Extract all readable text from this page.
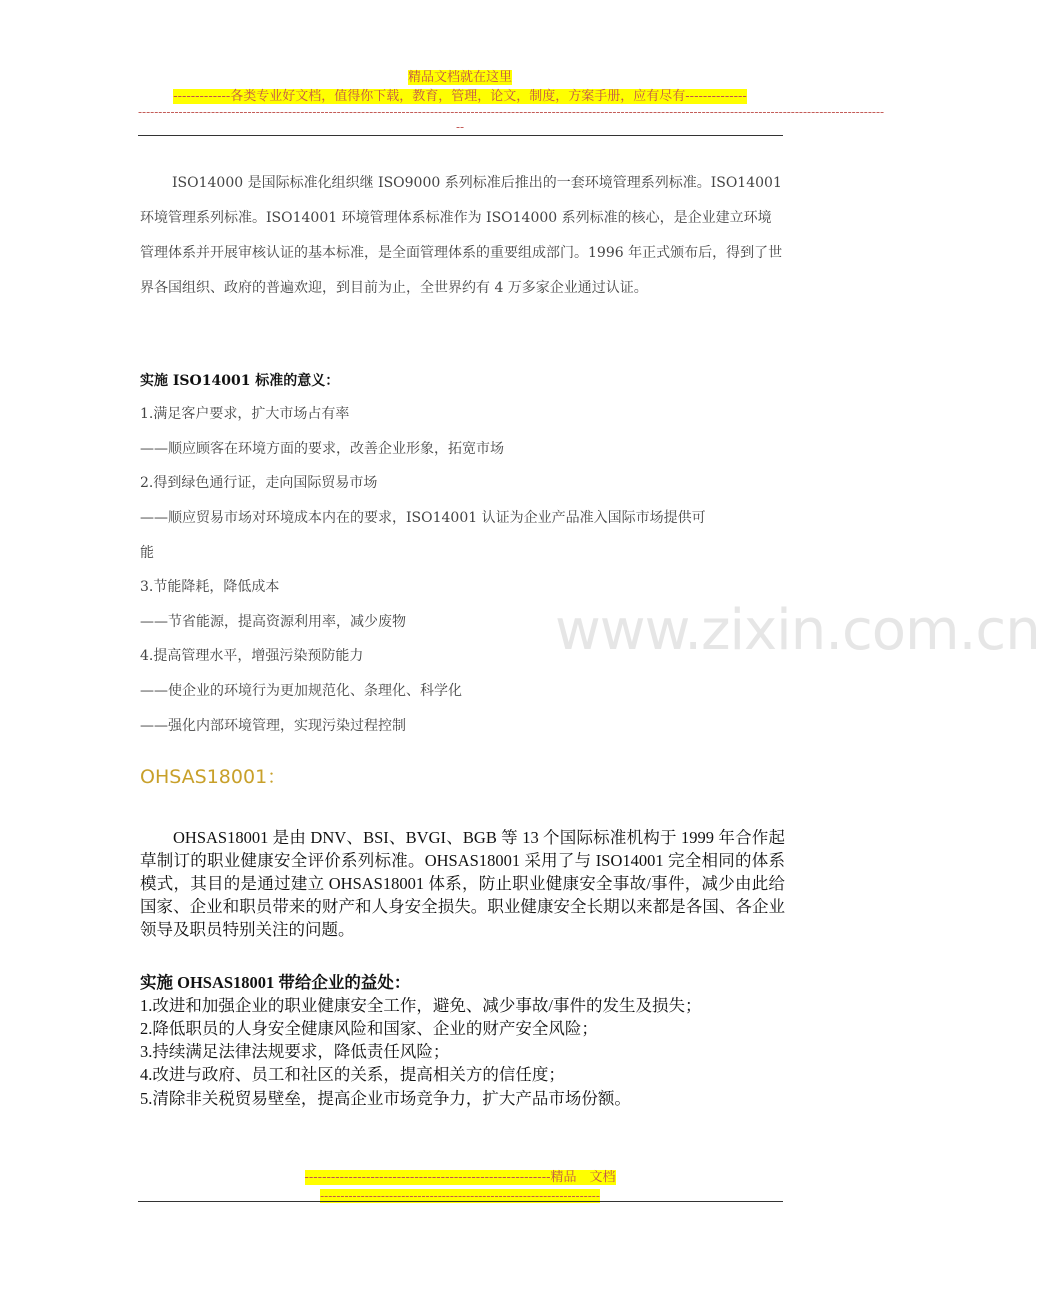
精品文档就在这里
-------------各类专业好文档，值得你下载，教育，管理，论文，制度，方案手册，应有尽有--------------
----------------------------------------------------------------------------------------------------------------------------------------------------------------------------------------
--
www.zixin.com.cn
ISO14000 是国际标准化组织继 ISO9000 系列标准后推出的一套环境管理系列标准。ISO14001 环境管理系列标准。ISO14001 环境管理体系标准作为 ISO14000 系列标准的核心，是企业建立环境管理体系并开展审核认证的基本标准，是全面管理体系的重要组成部门。1996 年正式颁布后，得到了世界各国组织、政府的普遍欢迎，到目前为止，全世界约有 4 万多家企业通过认证。
实施 ISO14001 标准的意义：
1.满足客户要求，扩大市场占有率
——顺应顾客在环境方面的要求，改善企业形象，拓宽市场
2.得到绿色通行证，走向国际贸易市场
——顺应贸易市场对环境成本内在的要求，ISO14001 认证为企业产品准入国际市场提供可
能
3.节能降耗，降低成本
——节省能源，提高资源利用率，减少废物
4.提高管理水平，增强污染预防能力
——使企业的环境行为更加规范化、条理化、科学化
——强化内部环境管理，实现污染过程控制
OHSAS18001：
OHSAS18001 是由 DNV、BSI、BVGI、BGB 等 13 个国际标准机构于 1999 年合作起草制订的职业健康安全评价系列标准。OHSAS18001 采用了与 ISO14001 完全相同的体系模式，其目的是通过建立 OHSAS18001 体系，防止职业健康安全事故/事件，减少由此给国家、企业和职员带来的财产和人身安全损失。职业健康安全长期以来都是各国、各企业领导及职员特别关注的问题。
实施 OHSAS18001 带给企业的益处：
1.改进和加强企业的职业健康安全工作，避免、减少事故/事件的发生及损失；
2.降低职员的人身安全健康风险和国家、企业的财产安全风险；
3.持续满足法律法规要求，降低责任风险；
4.改进与政府、员工和社区的关系，提高相关方的信任度；
5.清除非关税贸易壁垒，提高企业市场竞争力，扩大产品市场份额。
--------------------------------------------------------精品　文档
---------------------------------------------------------------------
